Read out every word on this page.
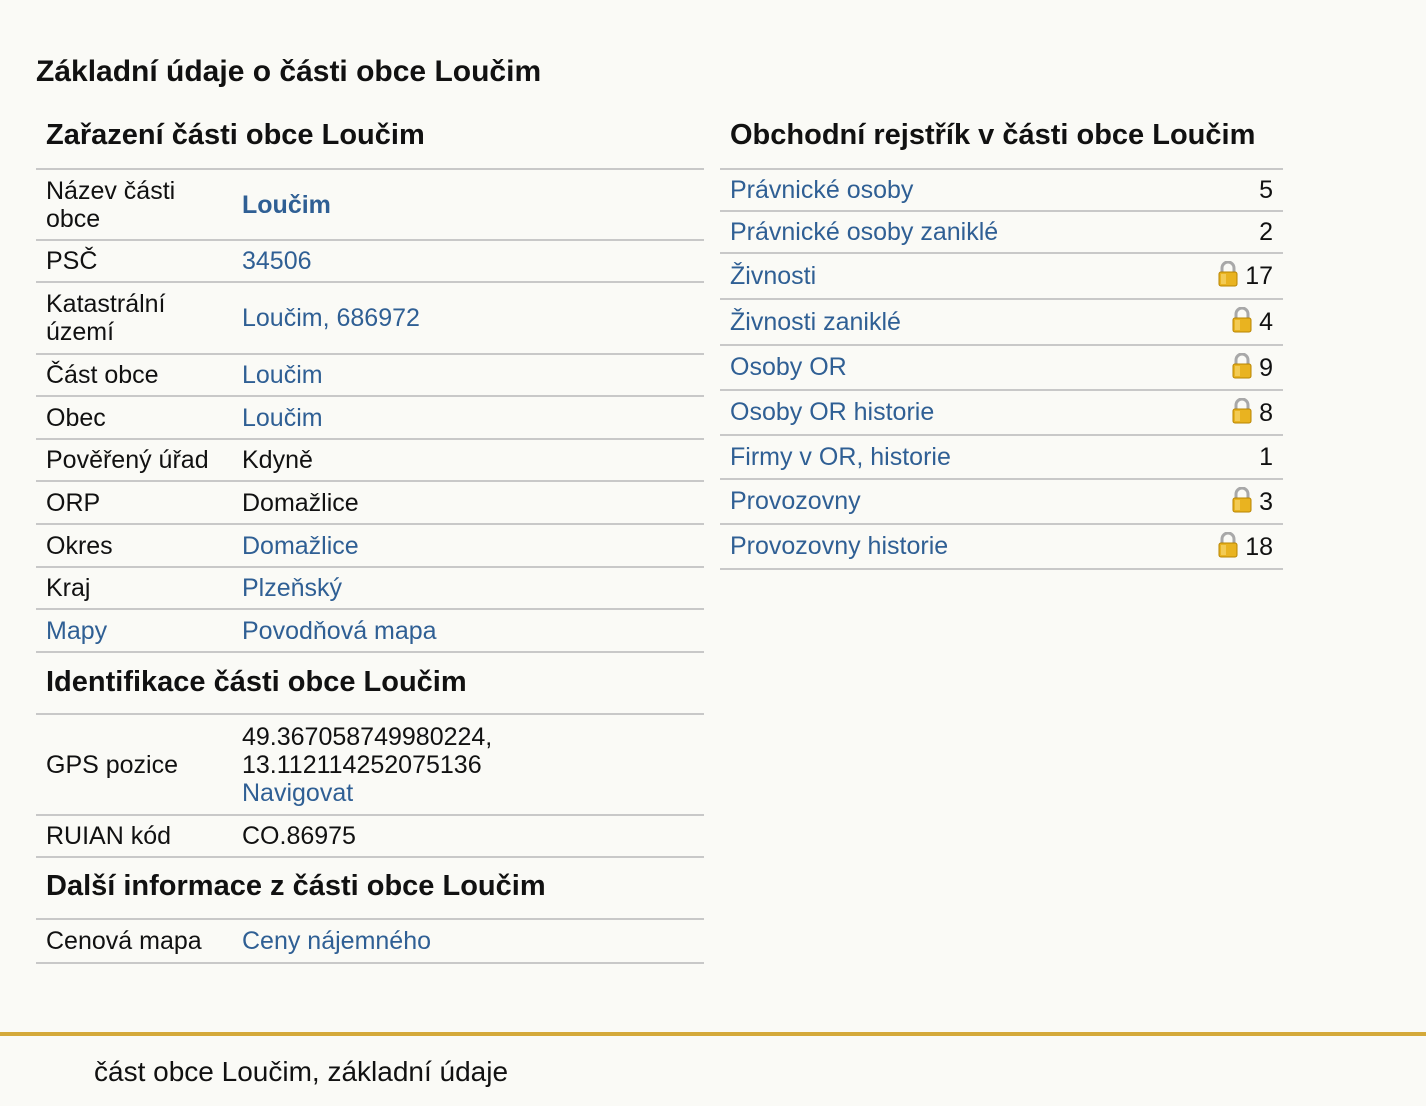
Základní údaje o části obce Loučim
Zařazení části obce Loučim
Název části obce	Loučim
PSČ	34506
Katastrální území	Loučim, 686972
Část obce	Loučim
Obec	Loučim
Pověřený úřad	Kdyně
ORP	Domažlice
Okres	Domažlice
Kraj	Plzeňský
Mapy	Povodňová mapa
Identifikace části obce Loučim
GPS pozice	49.367058749980224,
13.112114252075136
Navigovat

RUIAN kód	CO.86975
Další informace z části obce Loučim
Cenová mapa	Ceny nájemného
Obchodní rejstřík v části obce Loučim
Právnické osoby	5
Právnické osoby zaniklé	2
Živnosti	17
Živnosti zaniklé	4
Osoby OR	9
Osoby OR historie	8
Firmy v OR, historie	1
Provozovny	3
Provozovny historie	18
část obce Loučim, základní údaje
